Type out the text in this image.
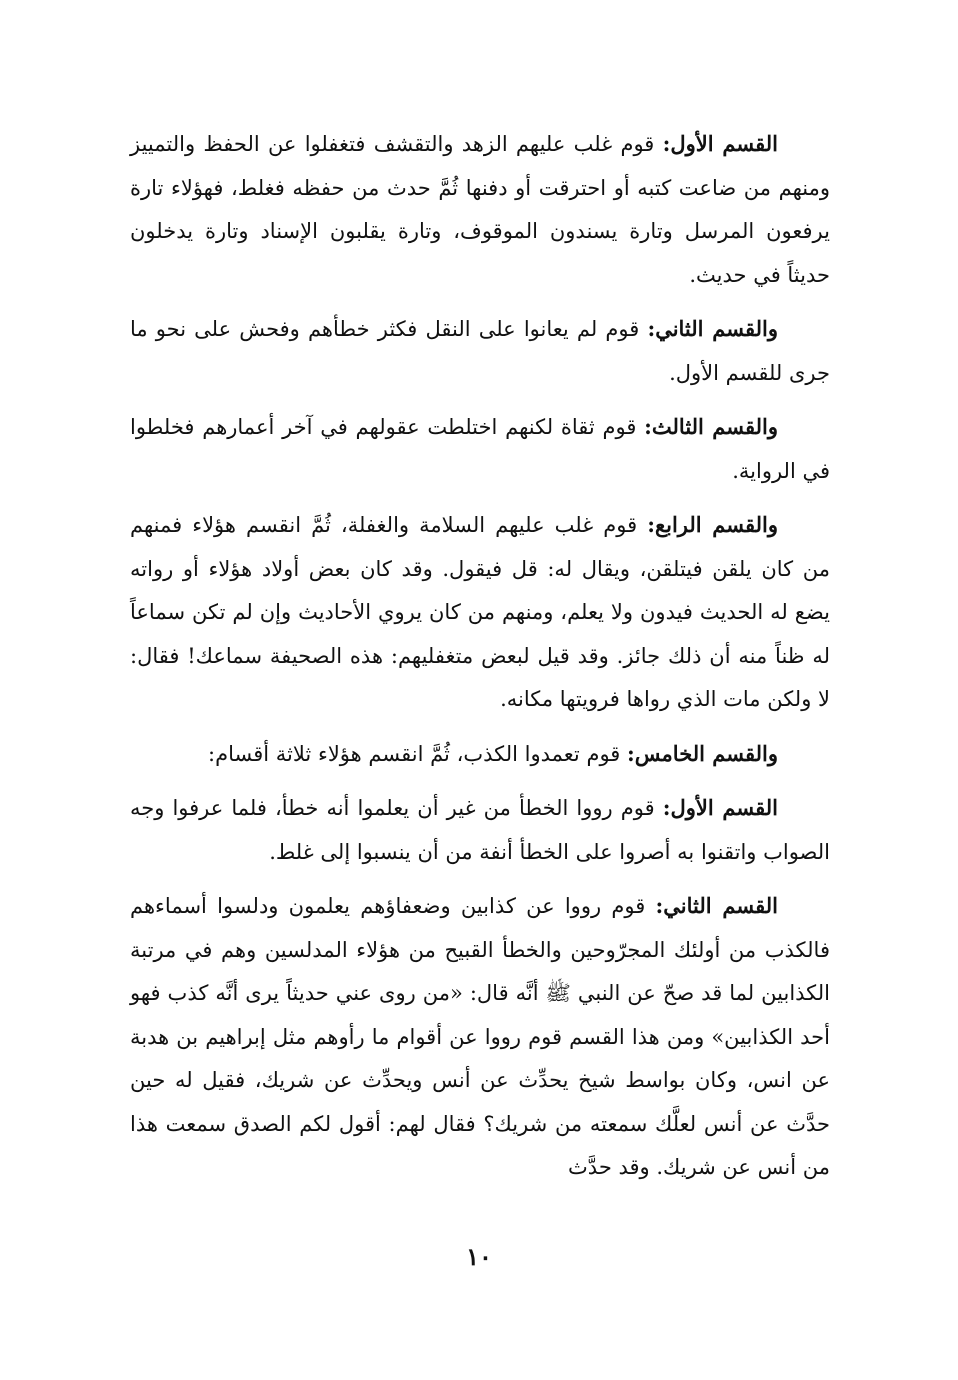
القسم الأول: قوم غلب عليهم الزهد والتقشف فتغفلوا عن الحفظ والتمييز ومنهم من ضاعت كتبه أو احترقت أو دفنها ثُمَّ حدث من حفظه فغلط، فهؤلاء تارة يرفعون المرسل وتارة يسندون الموقوف، وتارة يقلبون الإسناد وتارة يدخلون حديثاً في حديث.

والقسم الثاني: قوم لم يعانوا على النقل فكثر خطأهم وفحش على نحو ما جرى للقسم الأول.

والقسم الثالث: قوم ثقاة لكنهم اختلطت عقولهم في آخر أعمارهم فخلطوا في الرواية.

والقسم الرابع: قوم غلب عليهم السلامة والغفلة، ثُمَّ انقسم هؤلاء فمنهم من كان يلقن فيتلقن، ويقال له: قل فيقول. وقد كان بعض أولاد هؤلاء أو رواته يضع له الحديث فيدون ولا يعلم، ومنهم من كان يروي الأحاديث وإن لم تكن سماعاً له ظناً منه أن ذلك جائز. وقد قيل لبعض متغفليهم: هذه الصحيفة سماعك! فقال: لا ولكن مات الذي رواها فرويتها مكانه.

والقسم الخامس: قوم تعمدوا الكذب، ثُمَّ انقسم هؤلاء ثلاثة أقسام:

القسم الأول: قوم رووا الخطأ من غير أن يعلموا أنه خطأ، فلما عرفوا وجه الصواب واتقنوا به أصروا على الخطأ أنفة من أن ينسبوا إلى غلط.

القسم الثاني: قوم رووا عن كذابين وضعفاؤهم يعلمون ودلسوا أسماءهم فالكذب من أولئك المجرّوحين والخطأ القبيح من هؤلاء المدلسين وهم في مرتبة الكذابين لما قد صحّ عن النبي ﷺ أنَّه قال: «من روى عني حديثاً يرى أنَّه كذب فهو أحد الكذابين» ومن هذا القسم قوم رووا عن أقوام ما رأوهم مثل إبراهيم بن هدبة عن انس، وكان بواسط شيخ يحدِّث عن أنس ويحدِّث عن شريك، فقيل له حين حدَّث عن أنس لعلَّك سمعته من شريك؟ فقال لهم: أقول لكم الصدق سمعت هذا من أنس عن شريك. وقد حدَّث

١٠
